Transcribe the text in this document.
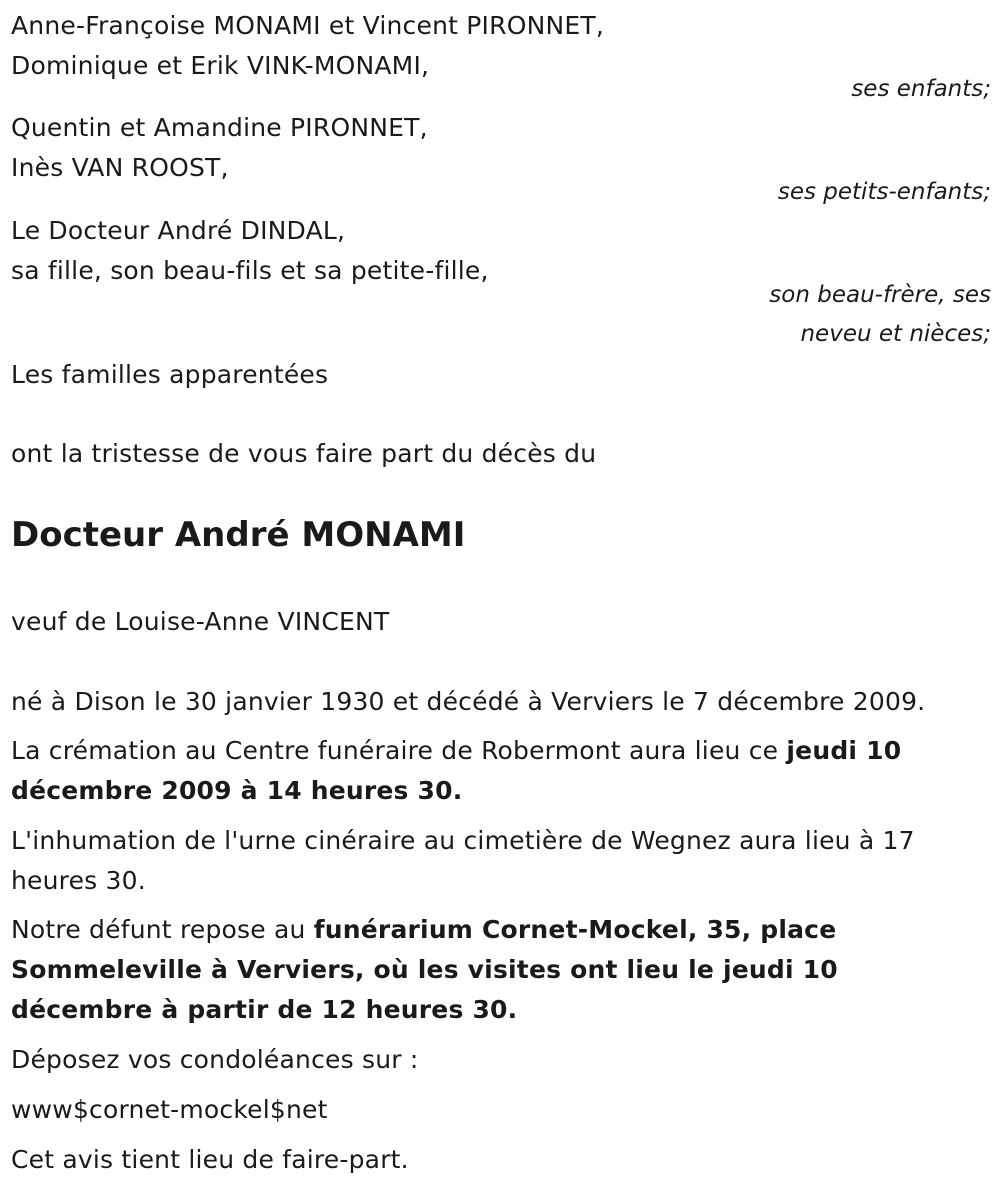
Anne-Françoise MONAMI et Vincent PIRONNET,
Dominique et Erik VINK-MONAMI,
ses enfants;
Quentin et Amandine PIRONNET,
Inès VAN ROOST,
ses petits-enfants;
Le Docteur André DINDAL,
sa fille, son beau-fils et sa petite-fille,
son beau-frère, ses
neveu et nièces;
Les familles apparentées
ont la tristesse de vous faire part du décès du
Docteur André MONAMI
veuf de Louise-Anne VINCENT
né à Dison le 30 janvier 1930 et décédé à Verviers le 7 décembre 2009.
La crémation au Centre funéraire de Robermont aura lieu ce jeudi 10 décembre 2009 à 14 heures 30.
L'inhumation de l'urne cinéraire au cimetière de Wegnez aura lieu à 17 heures 30.
Notre défunt repose au funérarium Cornet-Mockel, 35, place Sommeleville à Verviers, où les visites ont lieu le jeudi 10 décembre à partir de 12 heures 30.
Déposez vos condoléances sur :
www$cornet-mockel$net
Cet avis tient lieu de faire-part.
